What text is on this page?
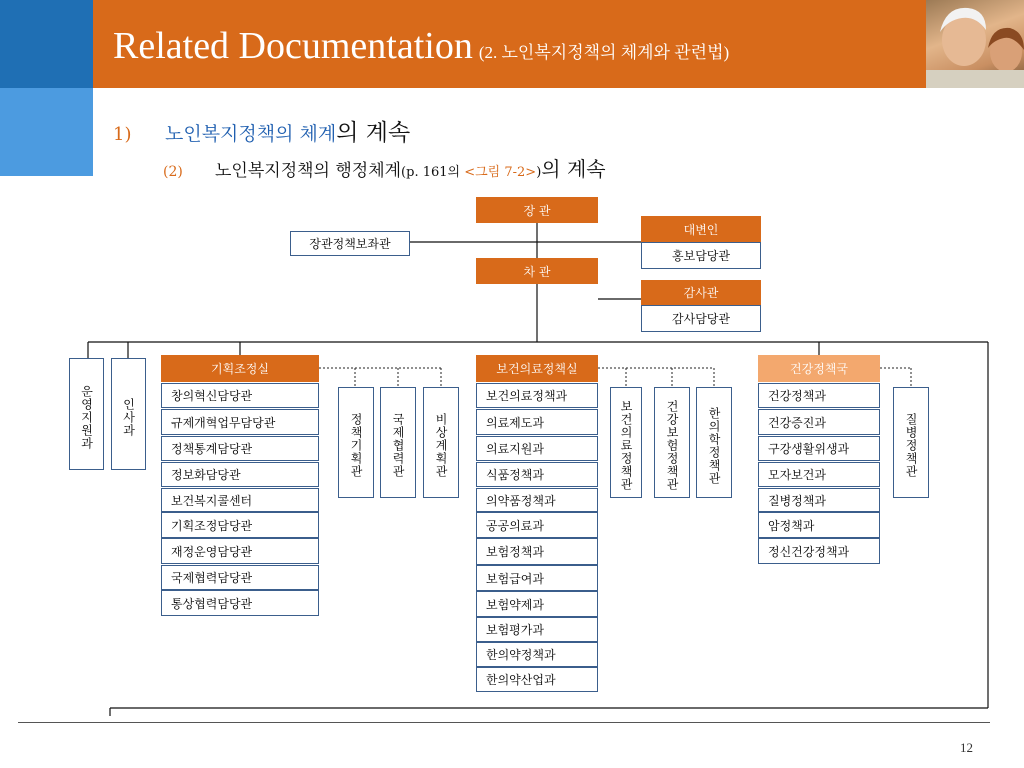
Related Documentation (2. 노인복지정책의 체계와 관련법)
1) 노인복지정책의 체계의 계속
(2) 노인복지정책의 행정체계(p. 161의 <그림 7-2>)의 계속
장 관
장관정책보좌관
대변인
홍보담당관
차 관
감사관
감사담당관
운영지원과 인사과
기획조정실
창의혁신담당관
규제개혁업무담당관
정책통계담당관
정보화담당관
보건복지콜센터
기획조정담당관
재정운영담당관
국제협력담당관
통상협력담당관
정책기획관 국제협력관 비상계획관
보건의료정책실
보건의료정책과
의료제도과
의료지원과
식품정책과
의약품정책과
공공의료과
보험정책과
보험급여과
보험약제과
보험평가과
한의약정책과
한의약산업과
보건의료정책관	건강보험정책관 한의학정책관
건강정책국
건강정책과
건강증진과
구강생활위생과
모자보건과
질병정책과
암정책과
정신건강정책과
질병정책관
12
